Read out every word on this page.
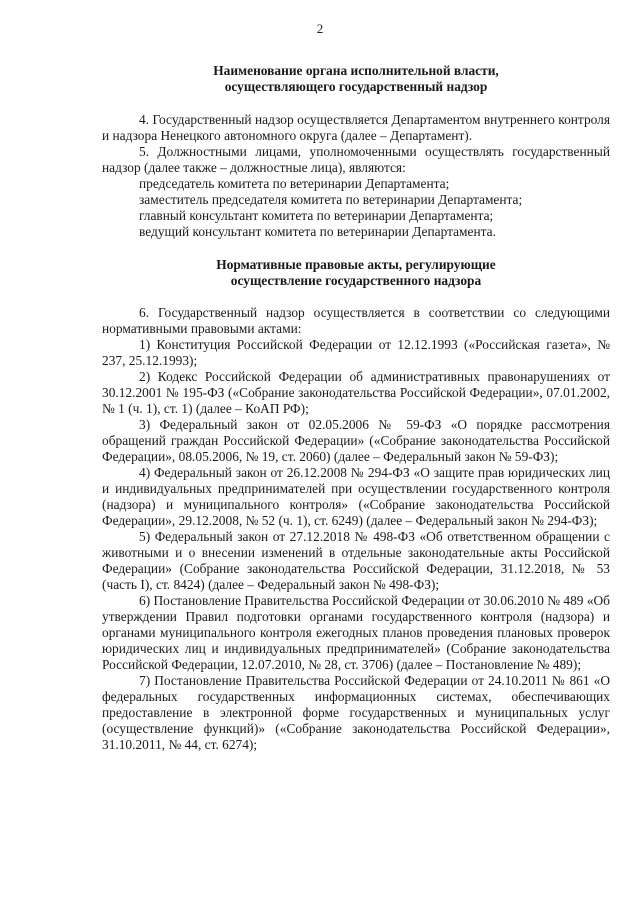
2
Наименование органа исполнительной власти,
осуществляющего государственный надзор

4. Государственный надзор осуществляется Департаментом внутреннего контроля и надзора Ненецкого автономного округа (далее – Департамент).

5. Должностными лицами, уполномоченными осуществлять государственный надзор (далее также – должностные лица), являются:

председатель комитета по ветеринарии Департамента;

заместитель председателя комитета по ветеринарии Департамента;

главный консультант комитета по ветеринарии Департамента;

ведущий консультант комитета по ветеринарии Департамента.

Нормативные правовые акты, регулирующие
осуществление государственного надзора

6. Государственный надзор осуществляется в соответствии со следующими нормативными правовыми актами:

1) Конституция Российской Федерации от 12.12.1993 («Российская газета», № 237, 25.12.1993);

2) Кодекс Российской Федерации об административных правонарушениях от 30.12.2001 № 195-ФЗ («Собрание законодательства Российской Федерации», 07.01.2002, № 1 (ч. 1), ст. 1) (далее – КоАП РФ);

3) Федеральный закон от 02.05.2006 № 59-ФЗ «О порядке рассмотрения обращений граждан Российской Федерации» («Собрание законодательства Российской Федерации», 08.05.2006, № 19, ст. 2060) (далее – Федеральный закон № 59-ФЗ);

4) Федеральный закон от 26.12.2008 № 294-ФЗ «О защите прав юридических лиц и индивидуальных предпринимателей при осуществлении государственного контроля (надзора) и муниципального контроля» («Собрание законодательства Российской Федерации», 29.12.2008, № 52 (ч. 1), ст. 6249) (далее – Федеральный закон № 294-ФЗ);

5) Федеральный закон от 27.12.2018 № 498-ФЗ «Об ответственном обращении с животными и о внесении изменений в отдельные законодательные акты Российской Федерации» (Собрание законодательства Российской Федерации, 31.12.2018, № 53 (часть I), ст. 8424) (далее – Федеральный закон № 498-ФЗ);

6) Постановление Правительства Российской Федерации от 30.06.2010 № 489 «Об утверждении Правил подготовки органами государственного контроля (надзора) и органами муниципального контроля ежегодных планов проведения плановых проверок юридических лиц и индивидуальных предпринимателей» (Собрание законодательства Российской Федерации, 12.07.2010, № 28, ст. 3706) (далее – Постановление № 489);

7) Постановление Правительства Российской Федерации от 24.10.2011 № 861 «О федеральных государственных информационных системах, обеспечивающих предоставление в электронной форме государственных и муниципальных услуг (осуществление функций)» («Собрание законодательства Российской Федерации», 31.10.2011, № 44, ст. 6274);
